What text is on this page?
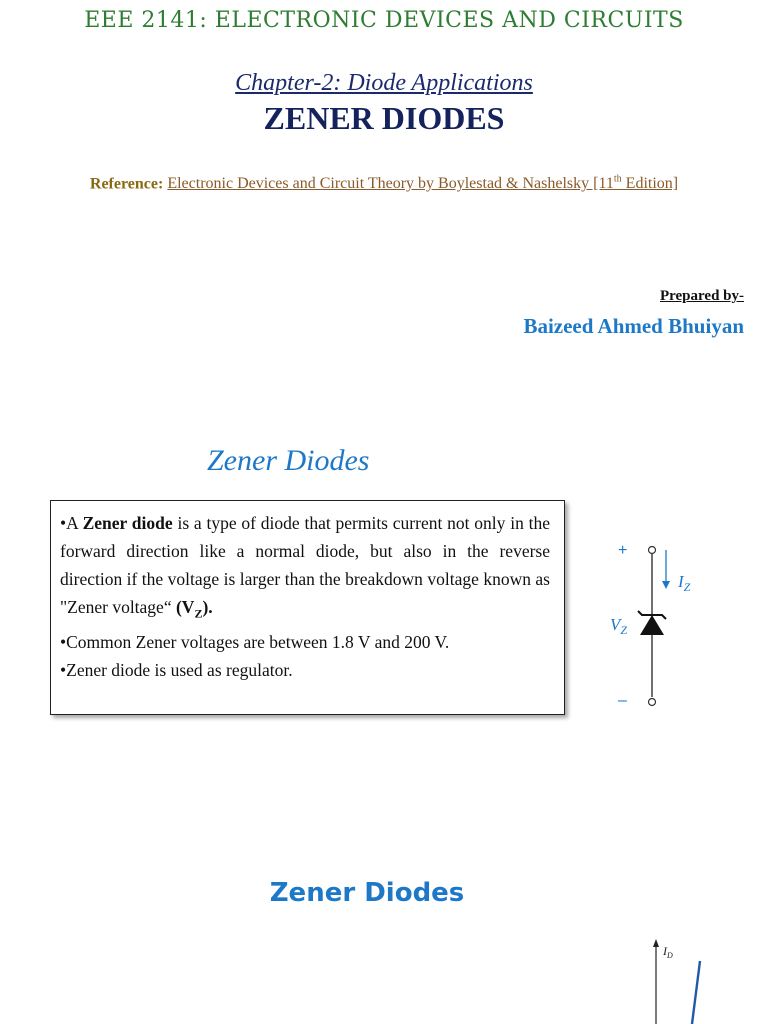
EEE 2141: ELECTRONIC DEVICES AND CIRCUITS
Chapter-2: Diode Applications
ZENER DIODES
Reference: Electronic Devices and Circuit Theory by Boylestad & Nashelsky [11th Edition]
Prepared by-
Baizeed Ahmed Bhuiyan
Zener Diodes

•A Zener diode is a type of diode that permits current not only in the forward direction like a normal diode, but also in the reverse direction if the voltage is larger than the breakdown voltage known as "Zener voltage“ $(V_Z)$.

•Common Zener voltages are between 1.8 V and 200 V.

•Zener diode is used as regulator.

+
–
$I_Z$
$V_Z$
Zener Diodes
$I_D$
